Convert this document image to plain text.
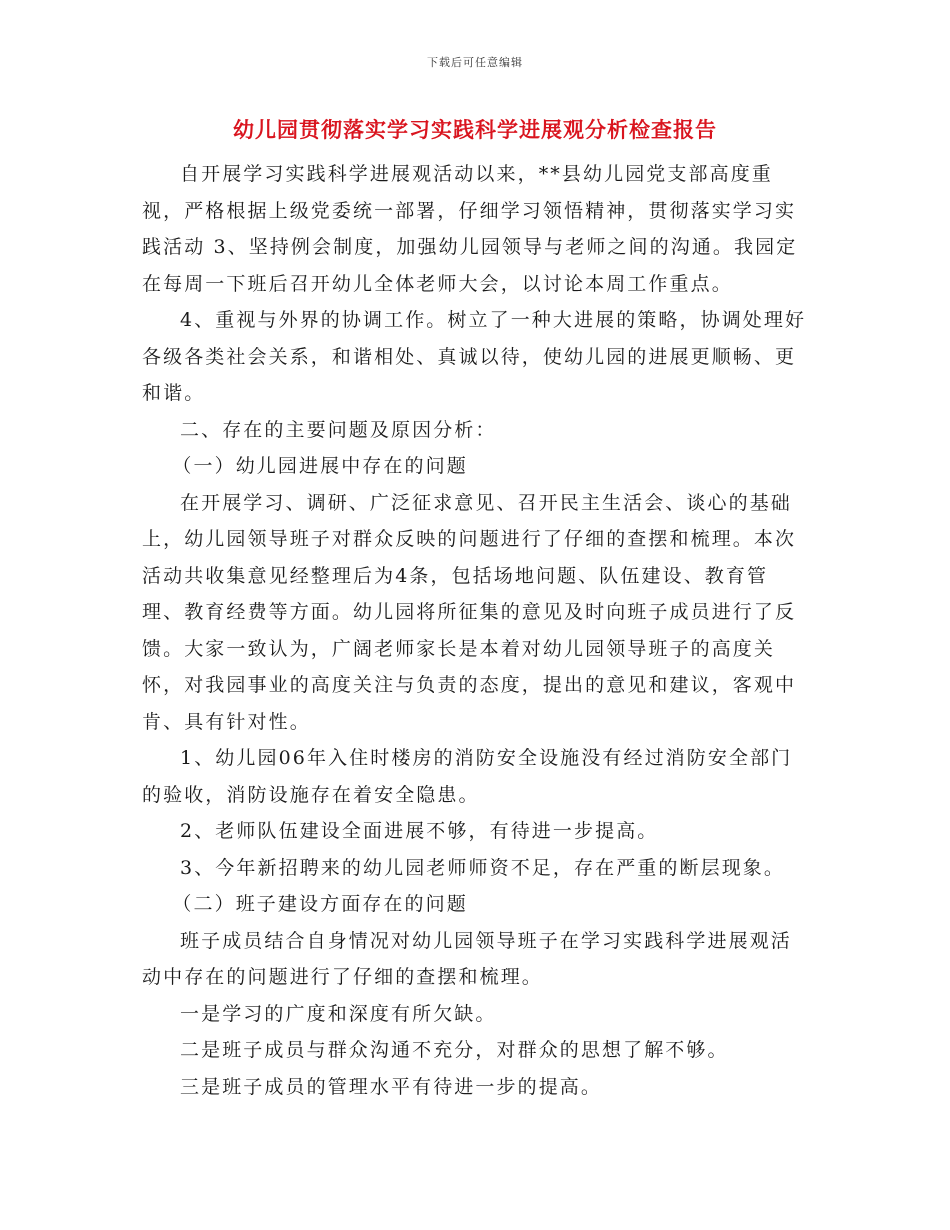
下载后可任意编辑
幼儿园贯彻落实学习实践科学进展观分析检查报告

自开展学习实践科学进展观活动以来，**县幼儿园党支部高度重视，严格根据上级党委统一部署，仔细学习领悟精神，贯彻落实学习实践活动 3、坚持例会制度，加强幼儿园领导与老师之间的沟通。我园定在每周一下班后召开幼儿全体老师大会，以讨论本周工作重点。

4、重视与外界的协调工作。树立了一种大进展的策略，协调处理好各级各类社会关系，和谐相处、真诚以待，使幼儿园的进展更顺畅、更和谐。

二、存在的主要问题及原因分析：

（一）幼儿园进展中存在的问题

在开展学习、调研、广泛征求意见、召开民主生活会、谈心的基础上，幼儿园领导班子对群众反映的问题进行了仔细的查摆和梳理。本次活动共收集意见经整理后为4条，包括场地问题、队伍建设、教育管理、教育经费等方面。幼儿园将所征集的意见及时向班子成员进行了反馈。大家一致认为，广阔老师家长是本着对幼儿园领导班子的高度关怀，对我园事业的高度关注与负责的态度，提出的意见和建议，客观中肯、具有针对性。

1、幼儿园06年入住时楼房的消防安全设施没有经过消防安全部门的验收，消防设施存在着安全隐患。

2、老师队伍建设全面进展不够，有待进一步提高。

3、今年新招聘来的幼儿园老师师资不足，存在严重的断层现象。

（二）班子建设方面存在的问题

班子成员结合自身情况对幼儿园领导班子在学习实践科学进展观活动中存在的问题进行了仔细的查摆和梳理。

一是学习的广度和深度有所欠缺。

二是班子成员与群众沟通不充分，对群众的思想了解不够。

三是班子成员的管理水平有待进一步的提高。
